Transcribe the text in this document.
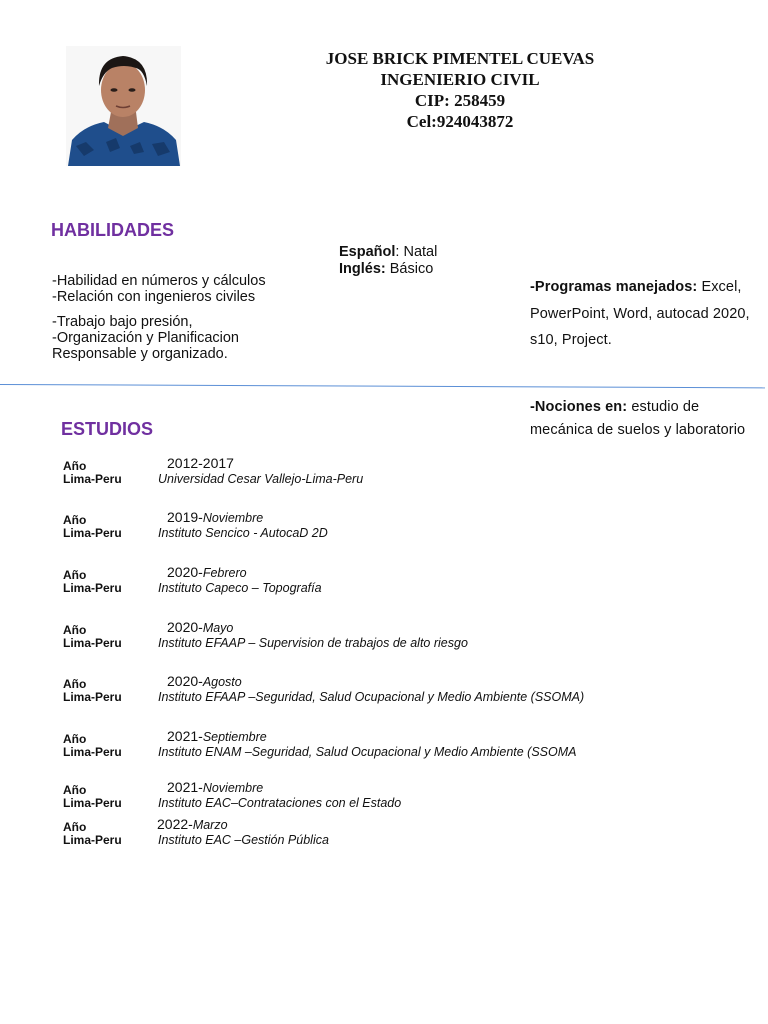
JOSE BRICK PIMENTEL CUEVAS
INGENIERIO CIVIL
CIP: 258459
Cel:924043872
HABILIDADES
-Habilidad en números y cálculos
-Relación con ingenieros civiles
-Trabajo bajo presión,
-Organización y Planificacion
Responsable y organizado.
Español: Natal
Inglés: Básico
-Programas manejados: Excel,
PowerPoint, Word, autocad 2020,
s10, Project.
-Nociones en: estudio de
mecánica de suelos y laboratorio
ESTUDIOS
Año
Lima-Peru
2012-2017
Universidad Cesar Vallejo-Lima-Peru
Año
Lima-Peru
2019-Noviembre
Instituto Sencico - AutocaD 2D
Año
Lima-Peru
2020-Febrero
Instituto Capeco – Topografía
Año
Lima-Peru
2020-Mayo
Instituto EFAAP – Supervision de trabajos de alto riesgo
Año
Lima-Peru
2020-Agosto
Instituto EFAAP –Seguridad, Salud Ocupacional y Medio Ambiente (SSOMA)
Año
Lima-Peru
2021-Septiembre
Instituto ENAM –Seguridad, Salud Ocupacional y Medio Ambiente (SSOMA
Año
Lima-Peru
2021-Noviembre
Instituto EAC–Contrataciones con el Estado
Año
Lima-Peru
2022-Marzo
Instituto EAC –Gestión Pública
